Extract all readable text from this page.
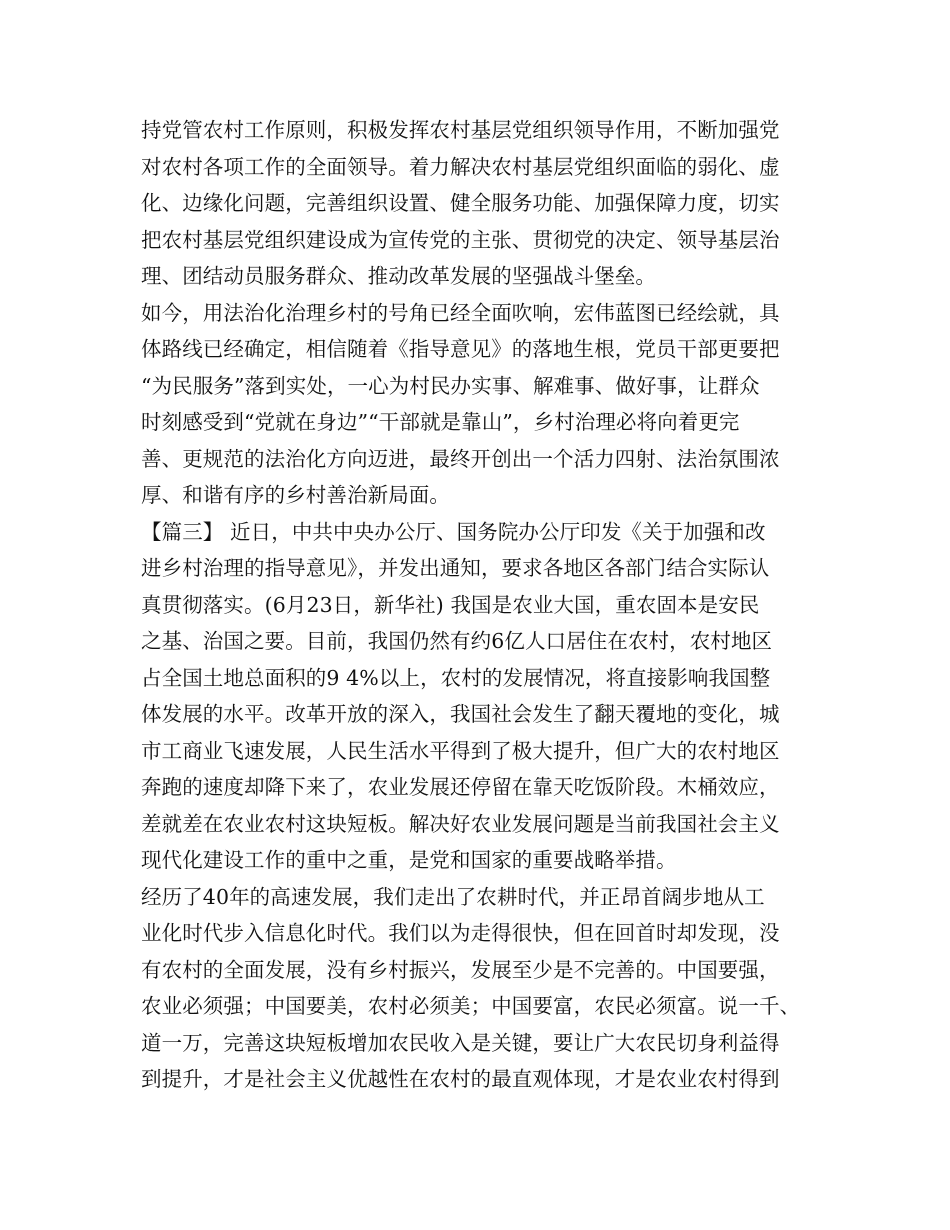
持党管农村工作原则，积极发挥农村基层党组织领导作用，不断加强党
对农村各项工作的全面领导。着力解决农村基层党组织面临的弱化、虚
化、边缘化问题，完善组织设置、健全服务功能、加强保障力度，切实
把农村基层党组织建设成为宣传党的主张、贯彻党的决定、领导基层治
理、团结动员服务群众、推动改革发展的坚强战斗堡垒。
如今，用法治化治理乡村的号角已经全面吹响，宏伟蓝图已经绘就，具
体路线已经确定，相信随着《指导意见》的落地生根，党员干部更要把
“为民服务”落到实处，一心为村民办实事、解难事、做好事，让群众
时刻感受到“党就在身边”“干部就是靠山”，乡村治理必将向着更完
善、更规范的法治化方向迈进，最终开创出一个活力四射、法治氛围浓
厚、和谐有序的乡村善治新局面。
【篇三】 近日，中共中央办公厅、国务院办公厅印发《关于加强和改
进乡村治理的指导意见》，并发出通知，要求各地区各部门结合实际认
真贯彻落实。(6月23日，新华社) 我国是农业大国，重农固本是安民
之基、治国之要。目前，我国仍然有约6亿人口居住在农村，农村地区
占全国土地总面积的9 4%以上，农村的发展情况，将直接影响我国整
体发展的水平。改革开放的深入，我国社会发生了翻天覆地的变化，城
市工商业飞速发展，人民生活水平得到了极大提升，但广大的农村地区
奔跑的速度却降下来了，农业发展还停留在靠天吃饭阶段。木桶效应，
差就差在农业农村这块短板。解决好农业发展问题是当前我国社会主义
现代化建设工作的重中之重，是党和国家的重要战略举措。
经历了40年的高速发展，我们走出了农耕时代，并正昂首阔步地从工
业化时代步入信息化时代。我们以为走得很快，但在回首时却发现，没
有农村的全面发展，没有乡村振兴，发展至少是不完善的。中国要强，
农业必须强；中国要美，农村必须美；中国要富，农民必须富。说一千、
道一万，完善这块短板增加农民收入是关键，要让广大农民切身利益得
到提升，才是社会主义优越性在农村的最直观体现，才是农业农村得到
